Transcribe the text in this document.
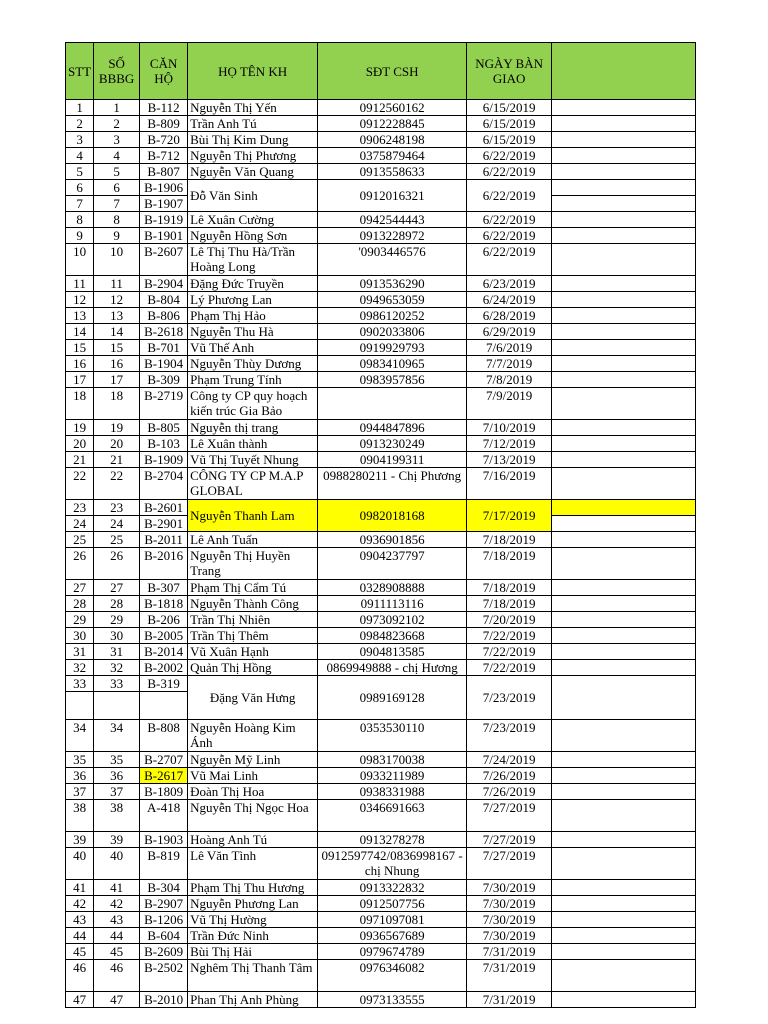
STT	SỐ BBBG	CĂN HỘ	HỌ TÊN KH	SĐT CSH	NGÀY BÀN GIAO	
1	1	B-112	Nguyễn Thị Yến	0912560162	6/15/2019	
2	2	B-809	Trần Anh Tú	0912228845	6/15/2019	
3	3	B-720	Bùi Thị Kim Dung	0906248198	6/15/2019	
4	4	B-712	Nguyễn Thị Phương	0375879464	6/22/2019	
5	5	B-807	Nguyễn Văn Quang	0913558633	6/22/2019	
6	6	B-1906	Đỗ Văn Sinh	0912016321	6/22/2019	
7	7	B-1907				
8	8	B-1919	Lê Xuân Cường	0942544443	6/22/2019	
9	9	B-1901	Nguyễn Hồng Sơn	0913228972	6/22/2019	
10	10	B-2607	Lê Thị Thu Hà/Trần Hoàng Long	'0903446576	6/22/2019	
11	11	B-2904	Đặng Đức Truyền	0913536290	6/23/2019	
12	12	B-804	Lý Phương Lan	0949653059	6/24/2019	
13	13	B-806	Phạm Thị Hảo	0986120252	6/28/2019	
14	14	B-2618	Nguyễn Thu Hà	0902033806	6/29/2019	
15	15	B-701	Vũ Thế Anh	0919929793	7/6/2019	
16	16	B-1904	Nguyễn Thùy Dương	0983410965	7/7/2019	
17	17	B-309	Phạm Trung Tính	0983957856	7/8/2019	
18	18	B-2719	Công ty CP quy hoạch kiến trúc Gia Bảo		7/9/2019	
19	19	B-805	Nguyễn thị trang	0944847896	7/10/2019	
20	20	B-103	Lê Xuân thành	0913230249	7/12/2019	
21	21	B-1909	Vũ Thị Tuyết Nhung	0904199311	7/13/2019	
22	22	B-2704	CÔNG TY CP M.A.P GLOBAL	0988280211 - Chị Phương	7/16/2019	
23	23	B-2601	Nguyễn Thanh Lam	0982018168	7/17/2019	
24	24	B-2901				
25	25	B-2011	Lê Anh Tuấn	0936901856	7/18/2019	
26	26	B-2016	Nguyễn Thị Huyền Trang	0904237797	7/18/2019	
27	27	B-307	Phạm Thị Cẩm Tú	0328908888	7/18/2019	
28	28	B-1818	Nguyễn Thành Công	0911113116	7/18/2019	
29	29	B-206	Trần Thị Nhiên	0973092102	7/20/2019	
30	30	B-2005	Trần Thị Thêm	0984823668	7/22/2019	
31	31	B-2014	Vũ Xuân Hạnh	0904813585	7/22/2019	
32	32	B-2002	Quản Thị Hồng	0869949888 - chị Hương	7/22/2019	
33	33	B-319	Đặng Văn Hưng	0989169128	7/23/2019	

34	34	B-808	Nguyễn Hoàng Kim Ánh	0353530110	7/23/2019	
35	35	B-2707	Nguyễn Mỹ Linh	0983170038	7/24/2019	
36	36	B-2617	Vũ Mai Linh	0933211989	7/26/2019	
37	37	B-1809	Đoàn Thị Hoa	0938331988	7/26/2019	
38	38	A-418	Nguyễn Thị Ngọc Hoa	0346691663	7/27/2019	
39	39	B-1903	Hoàng Anh Tú	0913278278	7/27/2019	
40	40	B-819	Lê Văn Tình	0912597742/0836998167 - chị Nhung	7/27/2019	
41	41	B-304	Phạm Thị Thu Hương	0913322832	7/30/2019	
42	42	B-2907	Nguyễn Phương Lan	0912507756	7/30/2019	
43	43	B-1206	Vũ Thị Hường	0971097081	7/30/2019	
44	44	B-604	Trần Đức Ninh	0936567689	7/30/2019	
45	45	B-2609	Bùi Thị Hải	0979674789	7/31/2019	
46	46	B-2502	Nghêm Thị Thanh Tâm	0976346082	7/31/2019	
47	47	B-2010	Phan Thị Anh Phùng	0973133555	7/31/2019	
